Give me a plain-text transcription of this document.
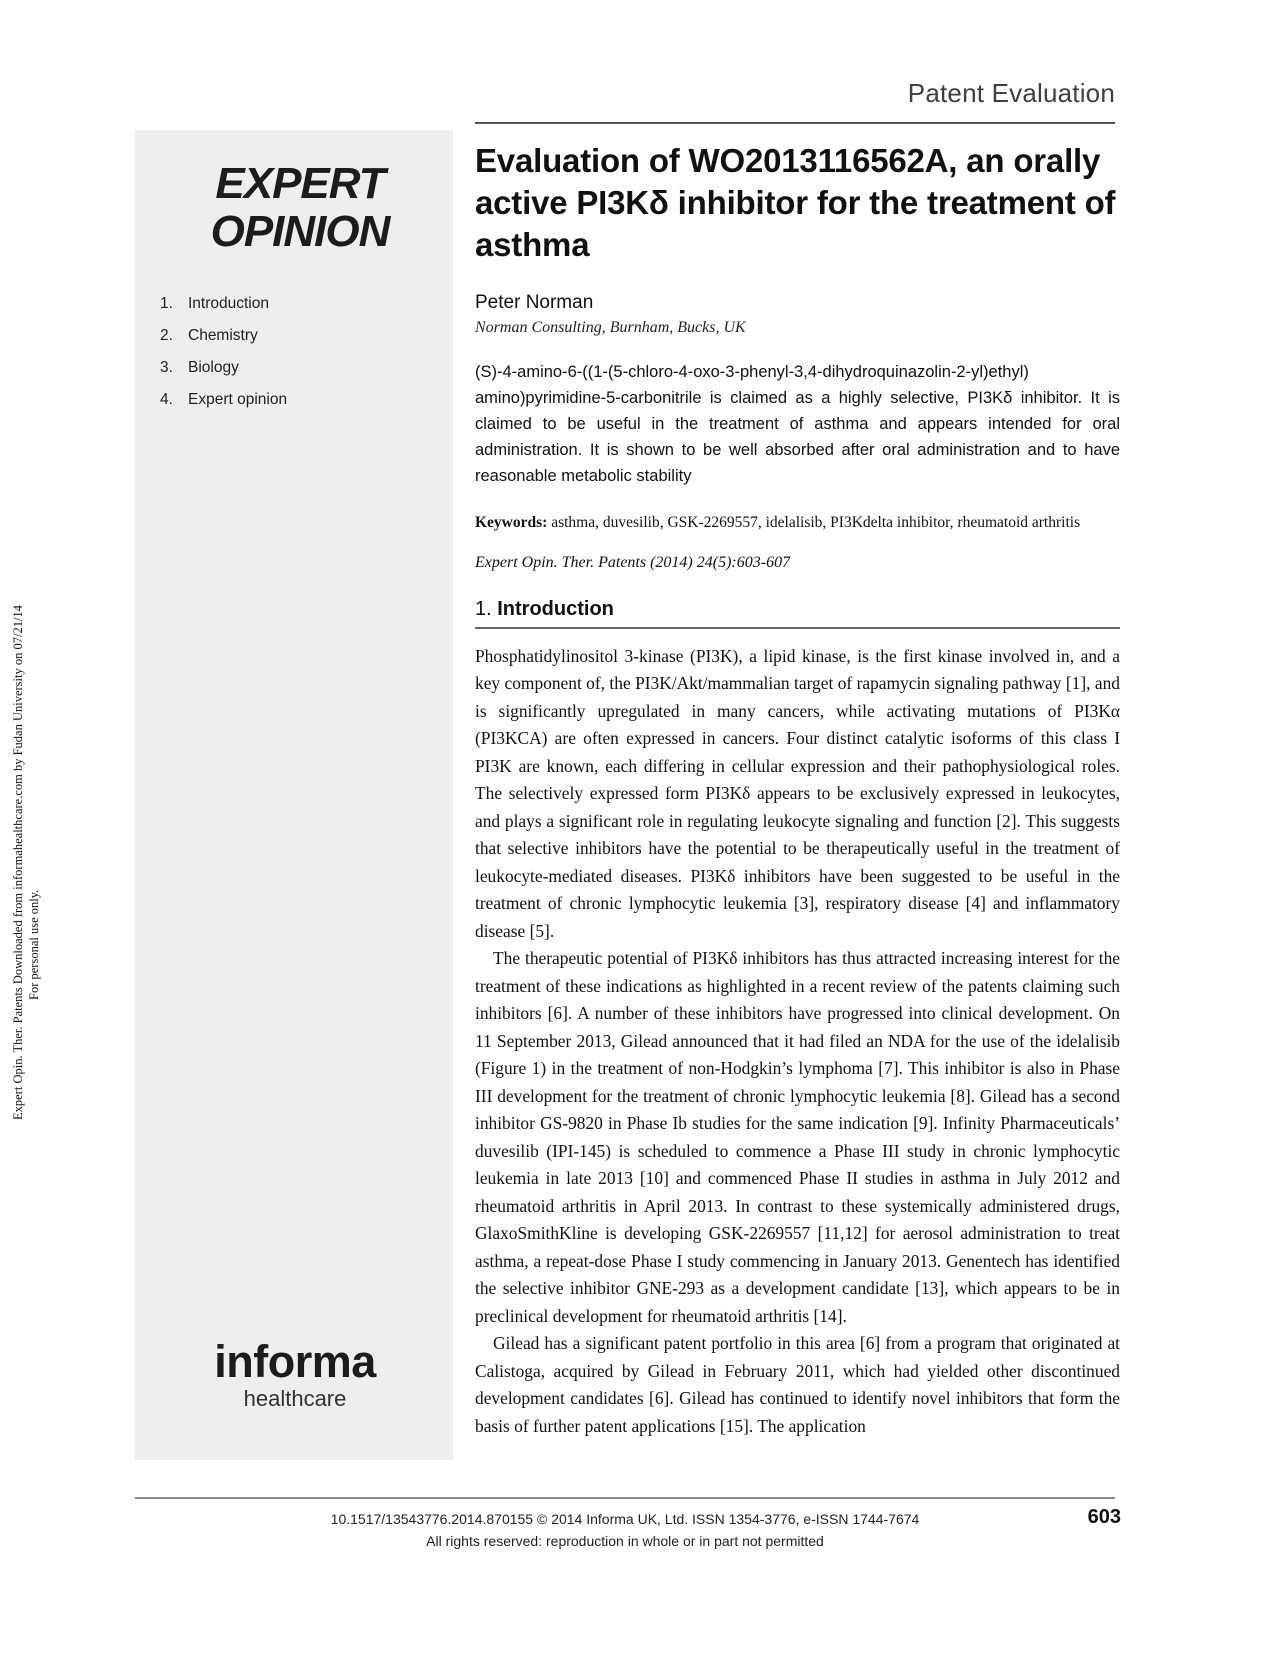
Expert Opin. Ther. Patents Downloaded from informahealthcare.com by Fudan University on 07/21/14 For personal use only.
Patent Evaluation
EXPERT
OPINION
1. Introduction
2. Chemistry
3. Biology
4. Expert opinion
informa
healthcare
Evaluation of WO2013116562A, an orally active PI3Kδ inhibitor for the treatment of asthma
Peter Norman
Norman Consulting, Burnham, Bucks, UK
(S)-4-amino-6-((1-(5-chloro-4-oxo-3-phenyl-3,4-dihydroquinazolin-2-yl)ethyl) amino)pyrimidine-5-carbonitrile is claimed as a highly selective, PI3Kδ inhibitor. It is claimed to be useful in the treatment of asthma and appears intended for oral administration. It is shown to be well absorbed after oral administration and to have reasonable metabolic stability
Keywords: asthma, duvesilib, GSK-2269557, idelalisib, PI3Kdelta inhibitor, rheumatoid arthritis
Expert Opin. Ther. Patents (2014) 24(5):603-607
1. Introduction

Phosphatidylinositol 3-kinase (PI3K), a lipid kinase, is the first kinase involved in, and a key component of, the PI3K/Akt/mammalian target of rapamycin signaling pathway [1], and is significantly upregulated in many cancers, while activating mutations of PI3Kα (PI3KCA) are often expressed in cancers. Four distinct catalytic isoforms of this class I PI3K are known, each differing in cellular expression and their pathophysiological roles. The selectively expressed form PI3Kδ appears to be exclusively expressed in leukocytes, and plays a significant role in regulating leukocyte signaling and function [2]. This suggests that selective inhibitors have the potential to be therapeutically useful in the treatment of leukocyte-mediated diseases. PI3Kδ inhibitors have been suggested to be useful in the treatment of chronic lymphocytic leukemia [3], respiratory disease [4] and inflammatory disease [5].

The therapeutic potential of PI3Kδ inhibitors has thus attracted increasing interest for the treatment of these indications as highlighted in a recent review of the patents claiming such inhibitors [6]. A number of these inhibitors have progressed into clinical development. On 11 September 2013, Gilead announced that it had filed an NDA for the use of the idelalisib (Figure 1) in the treatment of non-Hodgkin’s lymphoma [7]. This inhibitor is also in Phase III development for the treatment of chronic lymphocytic leukemia [8]. Gilead has a second inhibitor GS-9820 in Phase Ib studies for the same indication [9]. Infinity Pharmaceuticals’ duvesilib (IPI-145) is scheduled to commence a Phase III study in chronic lymphocytic leukemia in late 2013 [10] and commenced Phase II studies in asthma in July 2012 and rheumatoid arthritis in April 2013. In contrast to these systemically administered drugs, GlaxoSmithKline is developing GSK-2269557 [11,12] for aerosol administration to treat asthma, a repeat-dose Phase I study commencing in January 2013. Genentech has identified the selective inhibitor GNE-293 as a development candidate [13], which appears to be in preclinical development for rheumatoid arthritis [14].

Gilead has a significant patent portfolio in this area [6] from a program that originated at Calistoga, acquired by Gilead in February 2011, which had yielded other discontinued development candidates [6]. Gilead has continued to identify novel inhibitors that form the basis of further patent applications [15]. The application

10.1517/13543776.2014.870155 © 2014 Informa UK, Ltd. ISSN 1354-3776, e-ISSN 1744-7674
All rights reserved: reproduction in whole or in part not permitted
603
